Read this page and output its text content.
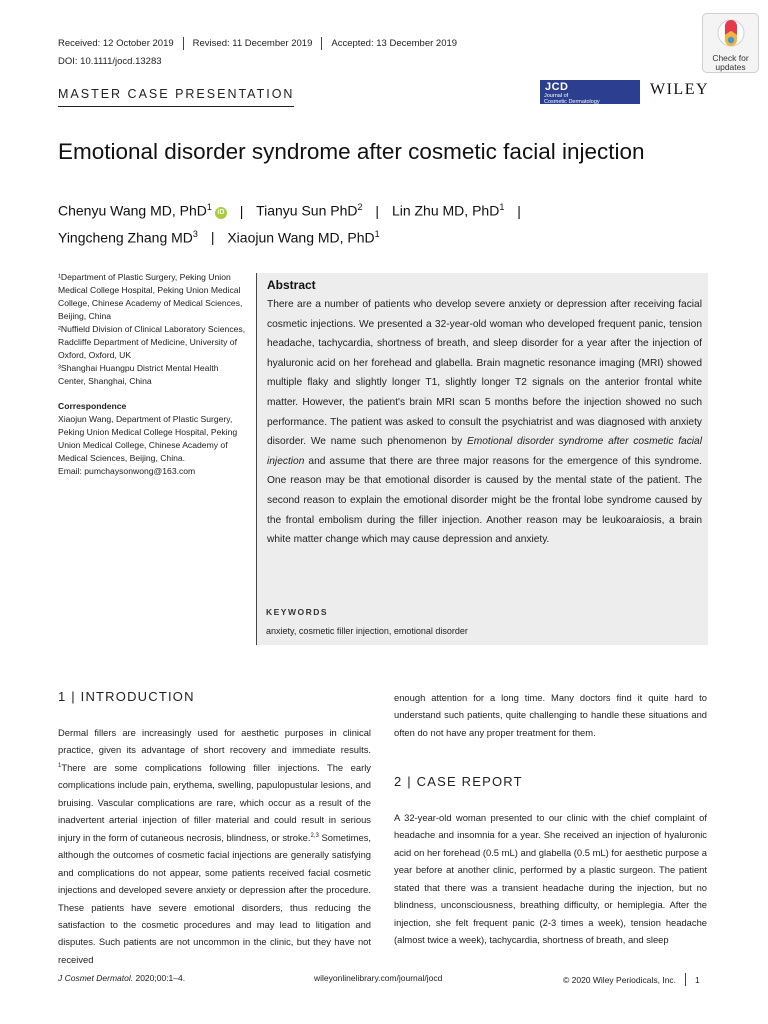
Received: 12 October 2019 Revised: 11 December 2019 Accepted: 13 December 2019
DOI: 10.1111/jocd.13283
MASTER CASE PRESENTATION
Check for
updates
JCD
Journal of
Cosmetic Dermatology
WILEY
Emotional disorder syndrome after cosmetic facial injection
Chenyu Wang MD, PhD$^1$iD | Tianyu Sun PhD$^2$ | Lin Zhu MD, PhD$^1$ |
Yingcheng Zhang $MD^3$ | Xiaojun Wang MD, PhD$^1$

¹Department of Plastic Surgery, Peking Union Medical College Hospital, Peking Union Medical College, Chinese Academy of Medical Sciences, Beijing, China

²Nuffield Division of Clinical Laboratory Sciences, Radcliffe Department of Medicine, University of Oxford, Oxford, UK

³Shanghai Huangpu District Mental Health Center, Shanghai, China

Correspondence

Xiaojun Wang, Department of Plastic Surgery, Peking Union Medical College Hospital, Peking Union Medical College, Chinese Academy of Medical Sciences, Beijing, China.

Email: pumchaysonwong@163.com

Abstract

There are a number of patients who develop severe anxiety or depression after receiving facial cosmetic injections. We presented a 32-year-old woman who developed frequent panic, tension headache, tachycardia, shortness of breath, and sleep disorder for a year after the injection of hyaluronic acid on her forehead and glabella. Brain magnetic resonance imaging (MRI) showed multiple flaky and slightly longer T1, slightly longer T2 signals on the anterior frontal white matter. However, the patient's brain MRI scan 5 months before the injection showed no such performance. The patient was asked to consult the psychiatrist and was diagnosed with anxiety disorder. We name such phenomenon by Emotional disorder syndrome after cosmetic facial injection and assume that there are three major reasons for the emergence of this syndrome. One reason may be that emotional disorder is caused by the mental state of the patient. The second reason to explain the emotional disorder might be the frontal lobe syndrome caused by the frontal embolism during the filler injection. Another reason may be leukoaraiosis, a brain white matter change which may cause depression and anxiety.

KEYWORDS
anxiety, cosmetic filler injection, emotional disorder
1 | INTRODUCTION

Dermal fillers are increasingly used for aesthetic purposes in clinical practice, given its advantage of short recovery and immediate results. $^1$There are some complications following filler injections. The early complications include pain, erythema, swelling, papulopustular lesions, and bruising. Vascular complications are rare, which occur as a result of the inadvertent arterial injection of filler material and could result in serious injury in the form of cutaneous necrosis, blindness, or stroke.$^{2,3}$ Sometimes, although the outcomes of cosmetic facial injections are generally satisfying and complications do not appear, some patients received facial cosmetic injections and developed severe anxiety or depression after the procedure. These patients have severe emotional disorders, thus reducing the satisfaction to the cosmetic procedures and may lead to litigation and disputes. Such patients are not uncommon in the clinic, but they have not received

enough attention for a long time. Many doctors find it quite hard to understand such patients, quite challenging to handle these situations and often do not have any proper treatment for them.

2 | CASE REPORT

A 32-year-old woman presented to our clinic with the chief complaint of headache and insomnia for a year. She received an injection of hyaluronic acid on her forehead (0.5 mL) and glabella (0.5 mL) for aesthetic purpose a year before at another clinic, performed by a plastic surgeon. The patient stated that there was a transient headache during the injection, but no blindness, unconsciousness, breathing difficulty, or hemiplegia. After the injection, she felt frequent panic (2-3 times a week), tension headache (almost twice a week), tachycardia, shortness of breath, and sleep

J Cosmet Dermatol. 2020;00:1–4.	wileyonlinelibrary.com/journal/jocd	© 2020 Wiley Periodicals, Inc. 1
